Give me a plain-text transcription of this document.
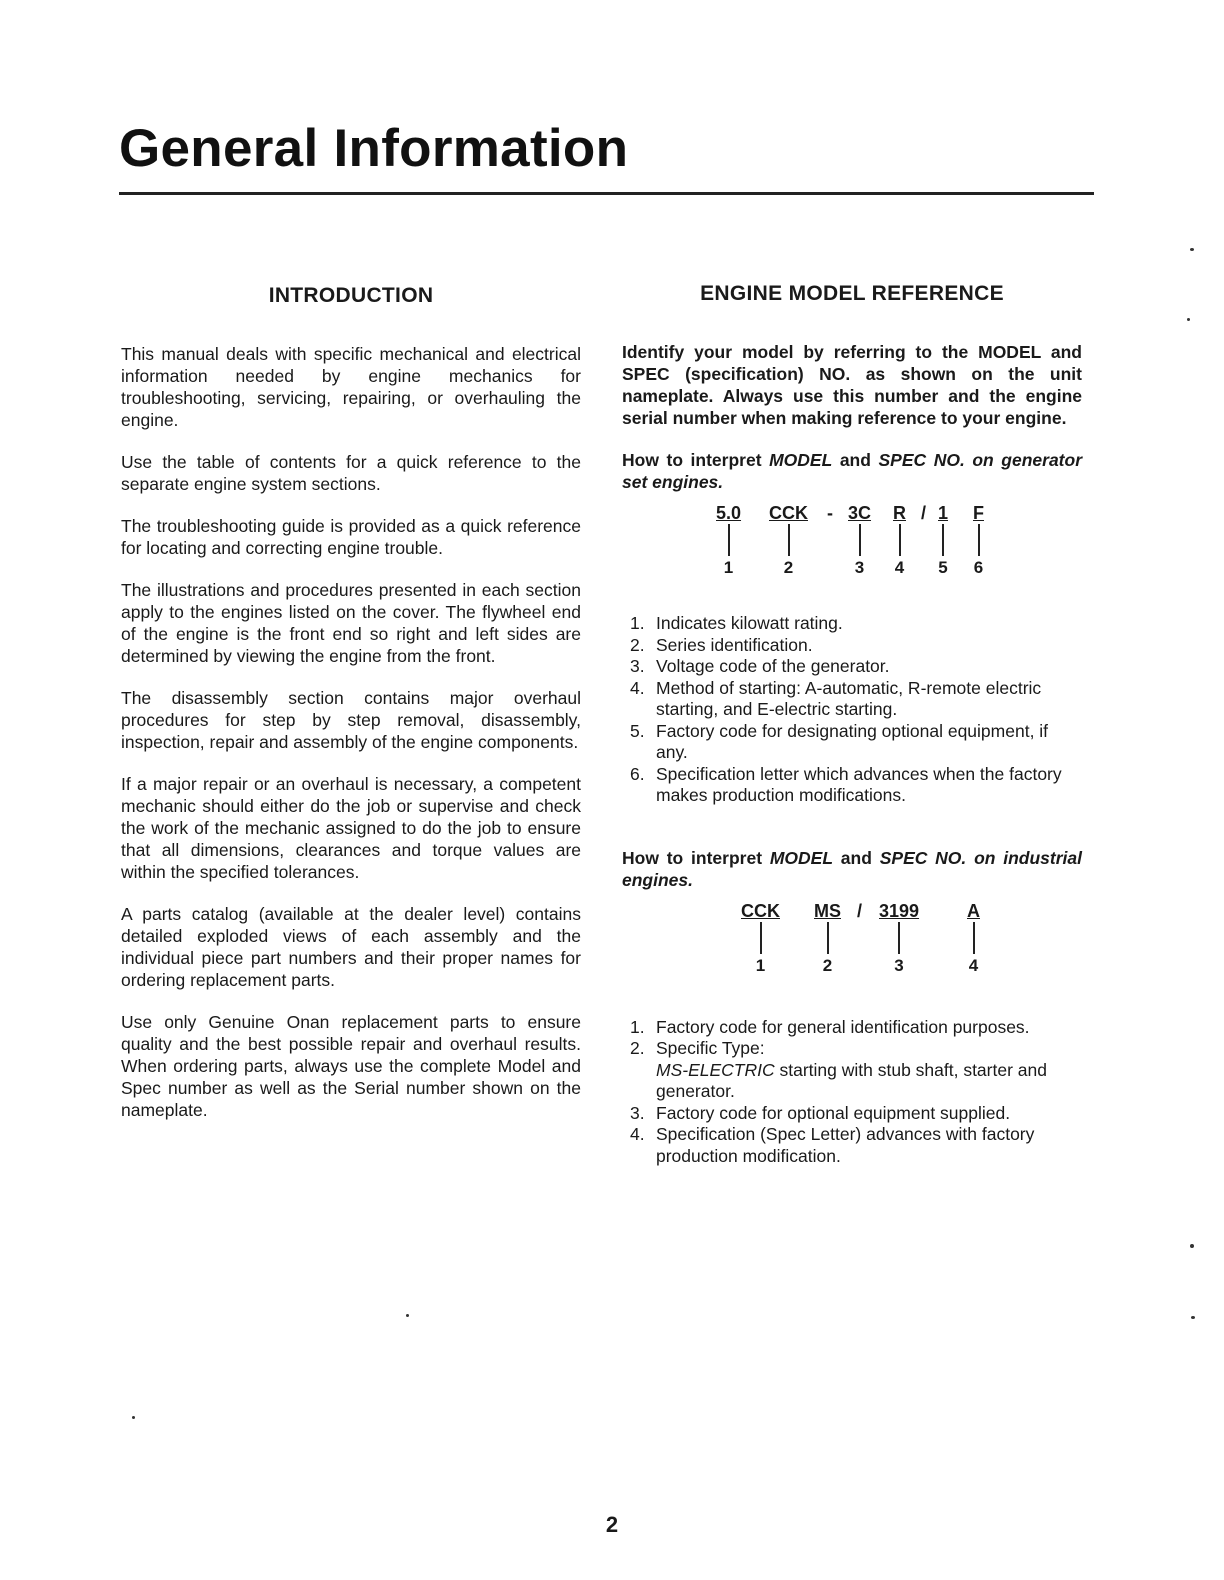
General Information
INTRODUCTION

This manual deals with specific mechanical and electrical information needed by engine mechanics for troubleshooting, servicing, repairing, or overhauling the engine.

Use the table of contents for a quick reference to the separate engine system sections.

The troubleshooting guide is provided as a quick reference for locating and correcting engine trouble.

The illustrations and procedures presented in each section apply to the engines listed on the cover. The flywheel end of the engine is the front end so right and left sides are determined by viewing the engine from the front.

The disassembly section contains major overhaul procedures for step by step removal, disassembly, inspection, repair and assembly of the engine components.

If a major repair or an overhaul is necessary, a competent mechanic should either do the job or supervise and check the work of the mechanic assigned to do the job to ensure that all dimensions, clearances and torque values are within the specified tolerances.

A parts catalog (available at the dealer level) contains detailed exploded views of each assembly and the individual piece part numbers and their proper names for ordering replacement parts.

Use only Genuine Onan replacement parts to ensure quality and the best possible repair and overhaul results. When ordering parts, always use the complete Model and Spec number as well as the Serial number shown on the nameplate.

ENGINE MODEL REFERENCE

Identify your model by referring to the MODEL and SPEC (specification) NO. as shown on the unit nameplate. Always use this number and the engine serial number when making reference to your engine.

How to interpret MODEL and SPEC NO. on generator set engines.

5.0
1
CCK
2
- 3C
3
R
4
/ 1
5
F
6
1. Indicates kilowatt rating.
2. Series identification.
3. Voltage code of the generator.
4. Method of starting: A-automatic, R-remote electric starting, and E-electric starting.
5. Factory code for designating optional equipment, if any.
6. Specification letter which advances when the factory makes production modifications.

How to interpret MODEL and SPEC NO. on industrial engines.

CCK
1
MS
2
/ 3199
3
A
4
1. Factory code for general identification purposes.
2. Specific Type:
MS-ELECTRIC starting with stub shaft, starter and generator.
3. Factory code for optional equipment supplied.
4. Specification (Spec Letter) advances with factory production modification.
2
